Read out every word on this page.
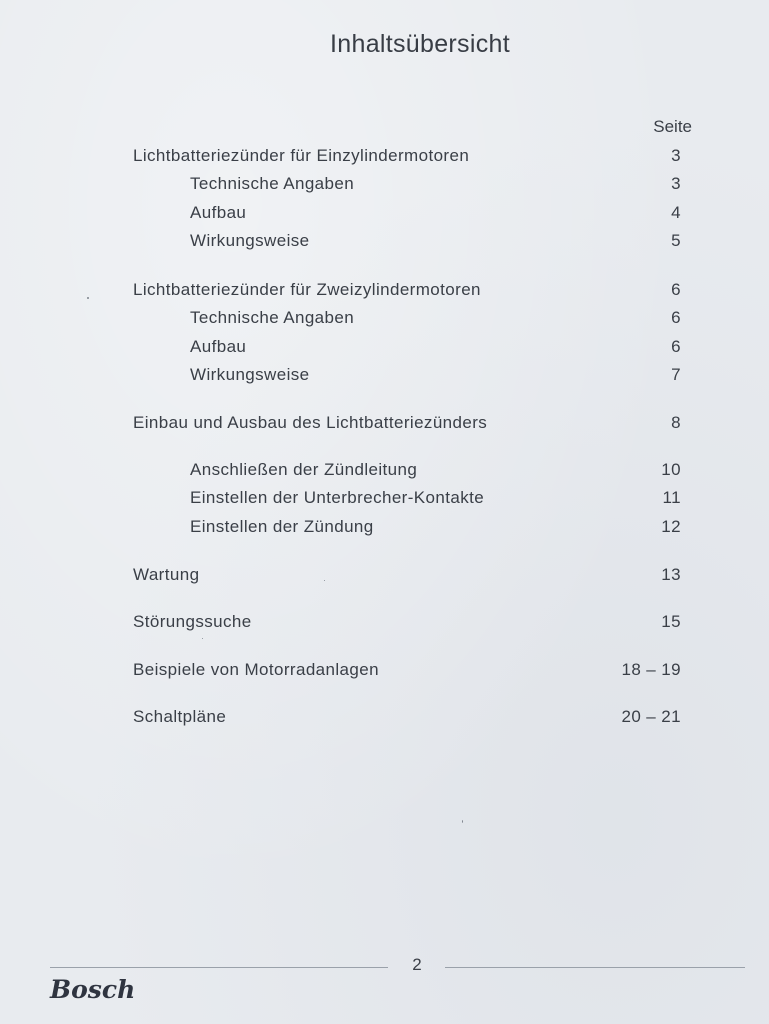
Inhaltsübersicht
Seite
Lichtbatteriezünder für Einzylindermotoren	3
Technische Angaben	3
Aufbau	4
Wirkungsweise	5
Lichtbatteriezünder für Zweizylindermotoren	6
Technische Angaben	6
Aufbau	6
Wirkungsweise	7
Einbau und Ausbau des Lichtbatteriezünders	8
Anschließen der Zündleitung	10
Einstellen der Unterbrecher-Kontakte	11
Einstellen der Zündung	12
Wartung	13
Störungssuche	15
Beispiele von Motorradanlagen	18 – 19
Schaltpläne	20 – 21
2
Bosch
